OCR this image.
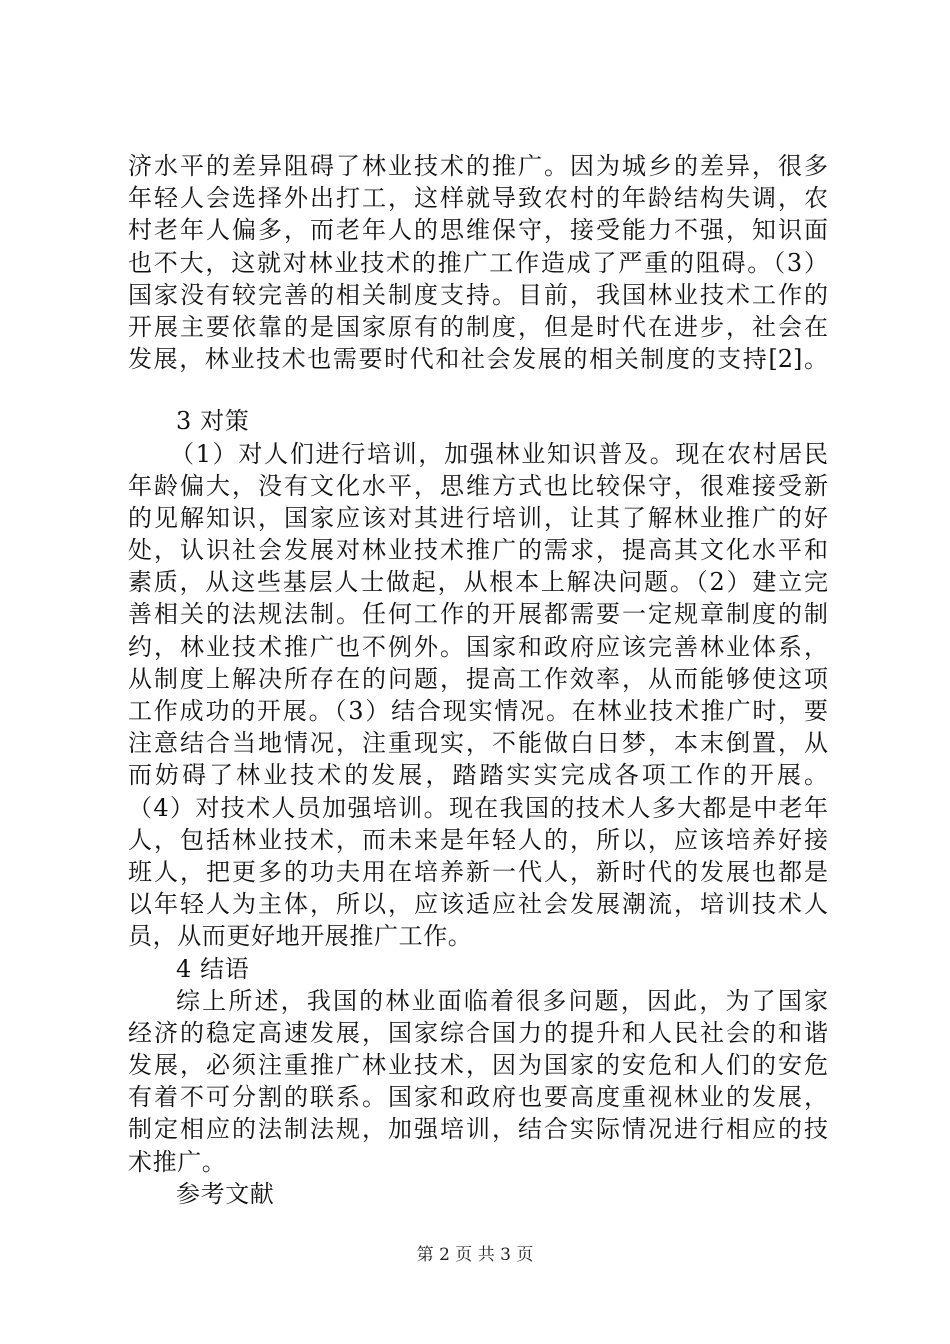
济水平的差异阻碍了林业技术的推广。因为城乡的差异，很多
年轻人会选择外出打工，这样就导致农村的年龄结构失调，农
村老年人偏多，而老年人的思维保守，接受能力不强，知识面
也不大，这就对林业技术的推广工作造成了严重的阻碍。（3）
国家没有较完善的相关制度支持。目前，我国林业技术工作的
开展主要依靠的是国家原有的制度，但是时代在进步，社会在
发展，林业技术也需要时代和社会发展的相关制度的支持[2]。
3 对策
（1）对人们进行培训，加强林业知识普及。现在农村居民
年龄偏大，没有文化水平，思维方式也比较保守，很难接受新
的见解知识，国家应该对其进行培训，让其了解林业推广的好
处，认识社会发展对林业技术推广的需求，提高其文化水平和
素质，从这些基层人士做起，从根本上解决问题。（2）建立完
善相关的法规法制。任何工作的开展都需要一定规章制度的制
约，林业技术推广也不例外。国家和政府应该完善林业体系，
从制度上解决所存在的问题，提高工作效率，从而能够使这项
工作成功的开展。（3）结合现实情况。在林业技术推广时，要
注意结合当地情况，注重现实，不能做白日梦，本末倒置，从
而妨碍了林业技术的发展，踏踏实实完成各项工作的开展。
（4）对技术人员加强培训。现在我国的技术人多大都是中老年
人，包括林业技术，而未来是年轻人的，所以，应该培养好接
班人，把更多的功夫用在培养新一代人，新时代的发展也都是
以年轻人为主体，所以，应该适应社会发展潮流，培训技术人
员，从而更好地开展推广工作。
4 结语
综上所述，我国的林业面临着很多问题，因此，为了国家
经济的稳定高速发展，国家综合国力的提升和人民社会的和谐
发展，必须注重推广林业技术，因为国家的安危和人们的安危
有着不可分割的联系。国家和政府也要高度重视林业的发展，
制定相应的法制法规，加强培训，结合实际情况进行相应的技
术推广。
参考文献
第 2 页 共 3 页
